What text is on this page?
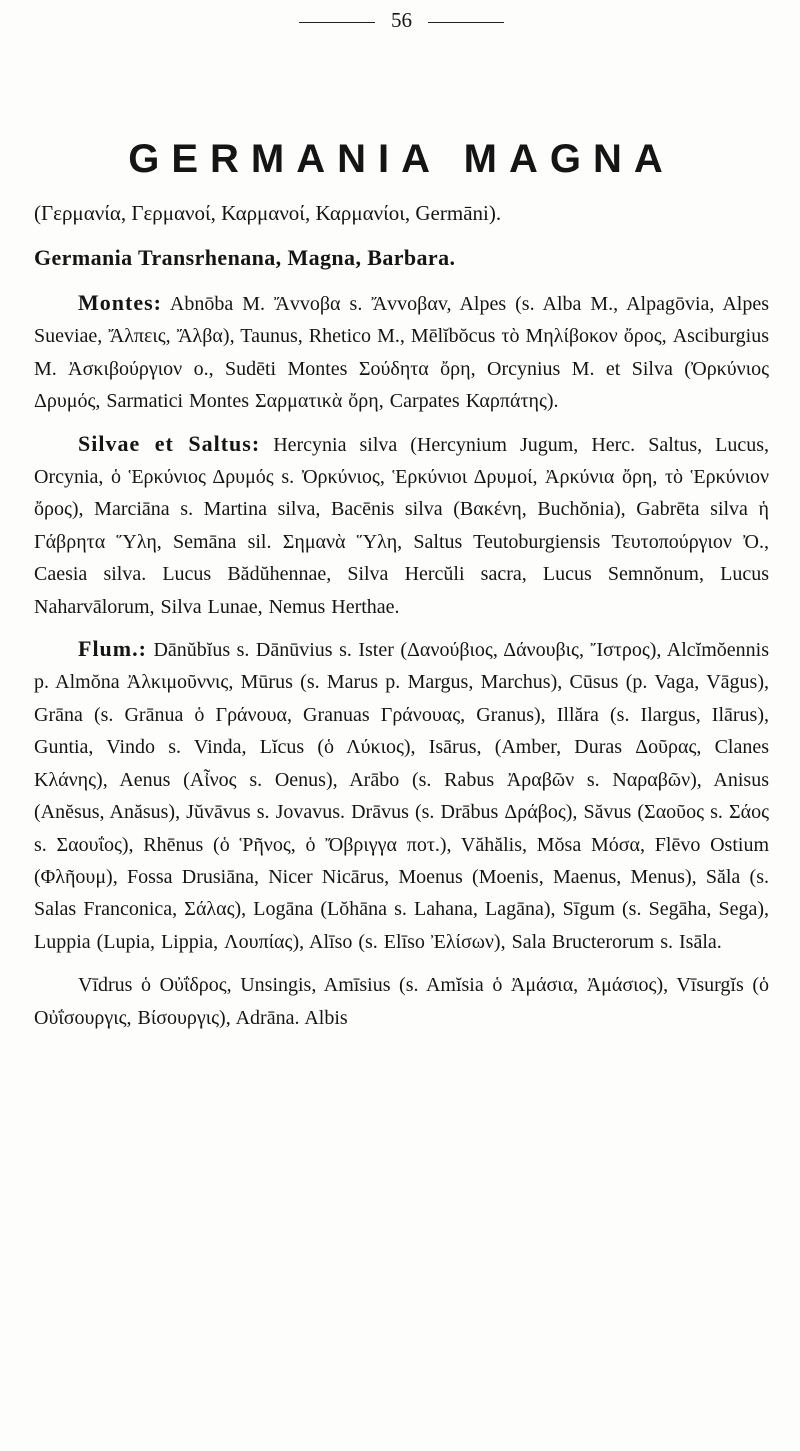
56
GERMANIA MAGNA

(Γερμανία, Γερμανοί, Καρμανοί, Καρμανίοι, Germāni).

Germania Transrhenana, Magna, Barbara.

Montes: Abnōba M. Ἄvvoβα s. Ἄvvoβαv, Alpes (s. Alba M., Alpagōvia, Alpes Sueviae, Ἄλπεις, Ἄλβα), Taunus, Rhetico M., Mēlĭbŏcus τὸ Μηλίβοκον ὄρος, Asciburgius M. Ἀσκιβούργιον ο., Sudēti Montes Σούδητα ὄρη, Orcynius M. et Silva (Ὀρκύνιος Δρυμός, Sarmatici Montes Σαρματικὰ ὄρη, Carpates Καρπάτης).

Silvae et Saltus: Hercynia silva (Hercynium Jugum, Herc. Saltus, Lucus, Orcynia, ὁ Ἑρκύνιος Δρυμός s. Ὀρκύνιος, Ἑρκύνιοι Δρυμοί, Ἀρκύνια ὄρη, τὸ Ἑρκύνιον ὄρος), Marciāna s. Martina silva, Bacēnis silva (Βακένη, Buchŏnia), Gabrēta silva ἡ Γάβρητα Ὕλη, Semāna sil. Σημανὰ Ὕλη, Saltus Teutoburgiensis Τευτοπούργιον Ὀ., Caesia silva. Lucus Bădŭhennae, Silva Hercŭli sacra, Lucus Semnŏnum, Lucus Naharvālorum, Silva Lunae, Nemus Herthae.

Flum.: Dānŭbĭus s. Dānūvius s. Ister (Δανούβιος, Δάνουβις, Ἴστρος), Alcĭmŏennis p. Almŏna Ἀλκιμοῦννις, Mūrus (s. Marus p. Margus, Marchus), Cūsus (p. Vaga, Vāgus), Grāna (s. Grānua ὁ Γράνουα, Granuas Γράνουας, Granus), Illăra (s. Ilargus, Ilārus), Guntia, Vindo s. Vinda, Lĭcus (ὁ Λύκιος), Isārus, (Amber, Duras Δοῦρας, Clanes Κλάνης), Aenus (Αἶνος s. Oenus), Arābo (s. Rabus Ἀραβῶν s. Ναραβῶν), Anisus (Anĕsus, Anăsus), Jŭvāvus s. Jovavus. Drāvus (s. Drābus Δράβος), Săvus (Σαοῦος s. Σάος s. Σαουΐος), Rhēnus (ὁ Ῥῆνος, ὁ Ὄβριγγα ποτ.), Văhălis, Mŏsa Μόσα, Flēvo Ostium (Φλῆουμ), Fossa Drusiāna, Nicer Nicārus, Moenus (Moenis, Maenus, Menus), Săla (s. Salas Franconica, Σάλας), Logāna (Lŏhāna s. Lahana, Lagāna), Sīgum (s. Segāha, Sega), Luppia (Lupia, Lippia, Λουπίας), Alīso (s. Elīso Ἐλίσων), Sala Bructerorum s. Isāla.

Vīdrus ὁ Οὐΐδρος, Unsingis, Amīsius (s. Amĭsia ὁ Ἀμάσια, Ἀμάσιος), Vīsurgĭs (ὁ Οὐΐσουργις, Βίσουργις), Adrāna. Albis
